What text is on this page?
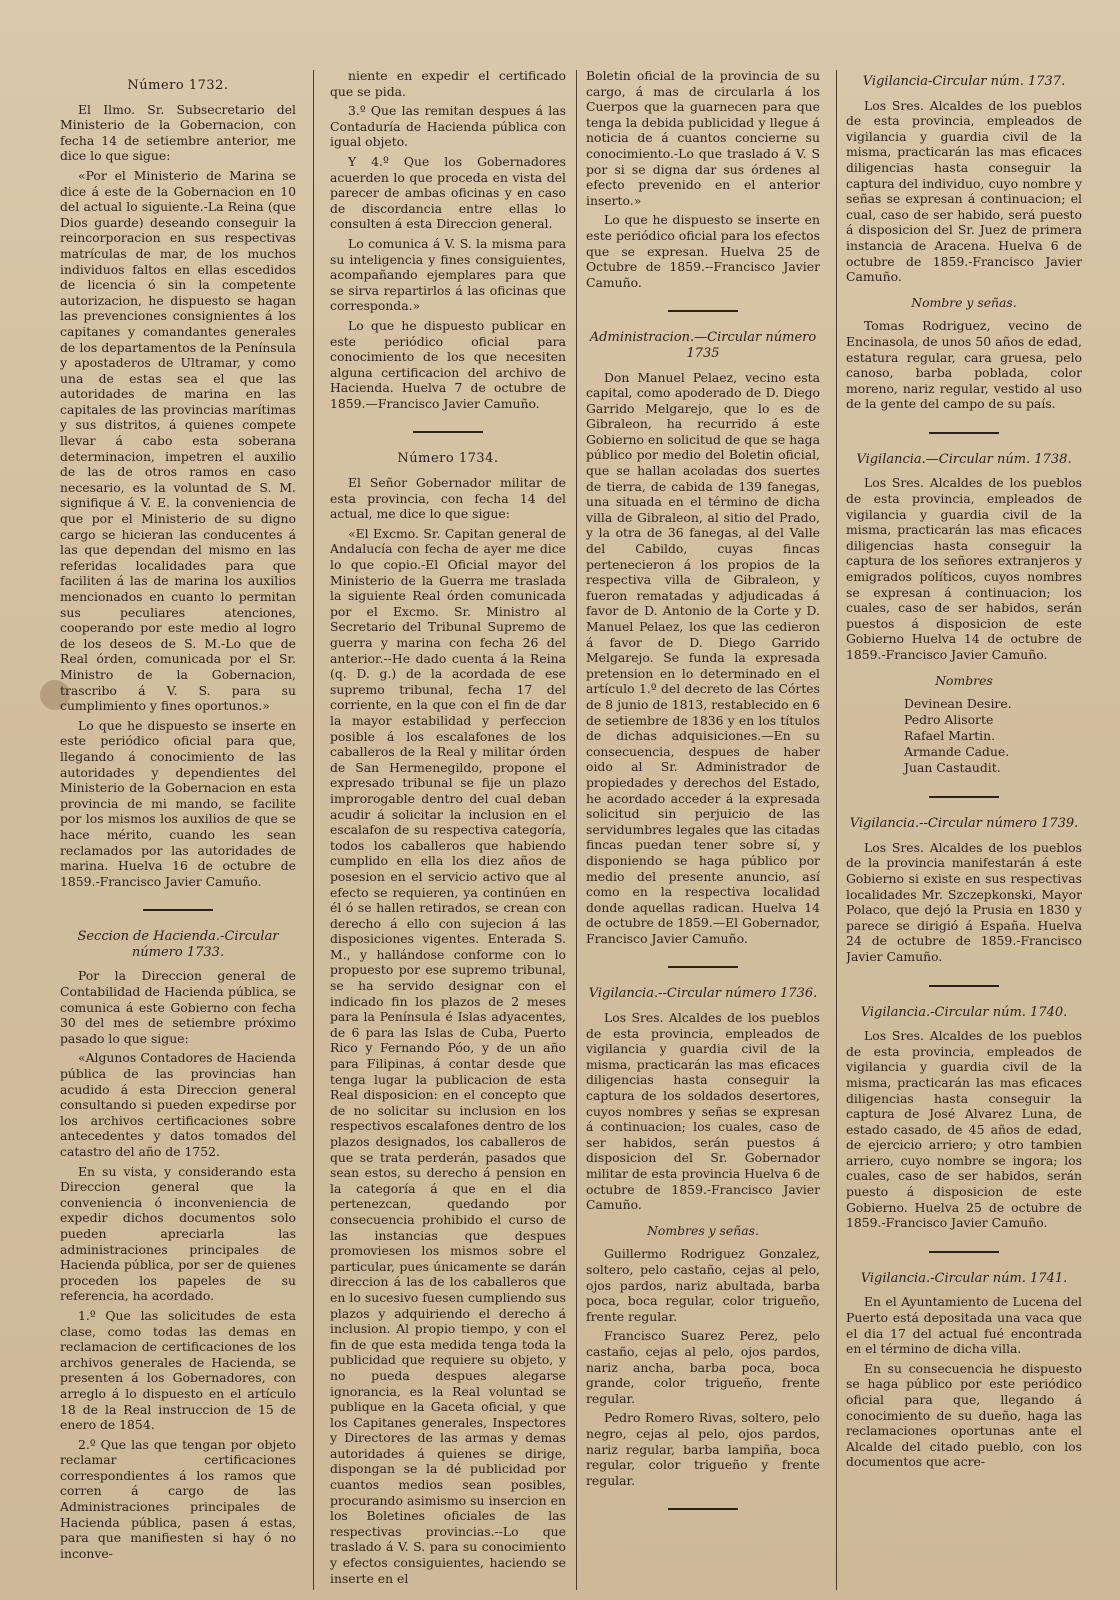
Número 1732.

El Ilmo. Sr. Subsecretario del Ministerio de la Gobernacion, con fecha 14 de setiembre anterior, me dice lo que sigue:

«Por el Ministerio de Marina se dice á este de la Gobernacion en 10 del actual lo siguiente.-La Reina (que Dios guarde) deseando conseguir la reincorporacion en sus respectivas matrículas de mar, de los muchos individuos faltos en ellas escedidos de licencia ó sin la competente autorizacion, he dispuesto se hagan las prevenciones consignientes á los capitanes y comandantes generales de los departamentos de la Península y apostaderos de Ultramar, y como una de estas sea el que las autoridades de marina en las capitales de las provincias marítimas y sus distritos, á quienes compete llevar á cabo esta soberana determinacion, impetren el auxilio de las de otros ramos en caso necesario, es la voluntad de S. M. signifique á V. E. la conveniencia de que por el Ministerio de su digno cargo se hicieran las conducentes á las que dependan del mismo en las referidas localidades para que faciliten á las de marina los auxilios mencionados en cuanto lo permitan sus peculiares atenciones, cooperando por este medio al logro de los deseos de S. M.-Lo que de Real órden, comunicada por el Sr. Ministro de la Gobernacion, trascribo á V. S. para su cumplimiento y fines oportunos.»

Lo que he dispuesto se inserte en este periódico oficial para que, llegando á conocimiento de las autoridades y dependientes del Ministerio de la Gobernacion en esta provincia de mi mando, se facilite por los mismos los auxilios de que se hace mérito, cuando les sean reclamados por las autoridades de marina. Huelva 16 de octubre de 1859.-Francisco Javier Camuño.

Seccion de Hacienda.-Circular número 1733.

Por la Direccion general de Contabilidad de Hacienda pública, se comunica á este Gobierno con fecha 30 del mes de setiembre próximo pasado lo que sigue:

«Algunos Contadores de Hacienda pública de las provincias han acudido á esta Direccion general consultando si pueden expedirse por los archivos certificaciones sobre antecedentes y datos tomados del catastro del año de 1752.

En su vista, y considerando esta Direccion general que la conveniencia ó inconveniencia de expedir dichos documentos solo pueden apreciarla las administraciones principales de Hacienda pública, por ser de quienes proceden los papeles de su referencia, ha acordado.

1.º Que las solicitudes de esta clase, como todas las demas en reclamacion de certificaciones de los archivos generales de Hacienda, se presenten á los Gobernadores, con arreglo á lo dispuesto en el artículo 18 de la Real instruccion de 15 de enero de 1854.

2.º Que las que tengan por objeto reclamar certificaciones correspondientes á los ramos que corren á cargo de las Administraciones principales de Hacienda pública, pasen á estas, para que manifiesten si hay ó no inconve-

niente en expedir el certificado que se pida.

3.º Que las remitan despues á las Contaduría de Hacienda pública con igual objeto.

Y 4.º Que los Gobernadores acuerden lo que proceda en vista del parecer de ambas oficinas y en caso de discordancia entre ellas lo consulten á esta Direccion general.

Lo comunica á V. S. la misma para su inteligencia y fines consiguientes, acompañando ejemplares para que se sirva repartirlos á las oficinas que corresponda.»

Lo que he dispuesto publicar en este periódico oficial para conocimiento de los que necesiten alguna certificacion del archivo de Hacienda. Huelva 7 de octubre de 1859.—Francisco Javier Camuño.

Número 1734.

El Señor Gobernador militar de esta provincia, con fecha 14 del actual, me dice lo que sigue:

«El Excmo. Sr. Capitan general de Andalucía con fecha de ayer me dice lo que copio.-El Oficial mayor del Ministerio de la Guerra me traslada la siguiente Real órden comunicada por el Excmo. Sr. Ministro al Secretario del Tribunal Supremo de guerra y marina con fecha 26 del anterior.--He dado cuenta á la Reina (q. D. g.) de la acordada de ese supremo tribunal, fecha 17 del corriente, en la que con el fin de dar la mayor estabilidad y perfeccion posible á los escalafones de los caballeros de la Real y militar órden de San Hermenegildo, propone el expresado tribunal se fije un plazo improrogable dentro del cual deban acudir á solicitar la inclusion en el escalafon de su respectiva categoría, todos los caballeros que habiendo cumplido en ella los diez años de posesion en el servicio activo que al efecto se requieren, ya continúen en él ó se hallen retirados, se crean con derecho á ello con sujecion á las disposiciones vigentes. Enterada S. M., y hallándose conforme con lo propuesto por ese supremo tribunal, se ha servido designar con el indicado fin los plazos de 2 meses para la Península é Islas adyacentes, de 6 para las Islas de Cuba, Puerto Rico y Fernando Póo, y de un año para Filipinas, á contar desde que tenga lugar la publicacion de esta Real disposicion: en el concepto que de no solicitar su inclusion en los respectivos escalafones dentro de los plazos designados, los caballeros de que se trata perderán, pasados que sean estos, su derecho á pension en la categoría á que en el dia pertenezcan, quedando por consecuencia prohibido el curso de las instancias que despues promoviesen los mismos sobre el particular, pues únicamente se darán direccion á las de los caballeros que en lo sucesivo fuesen cumpliendo sus plazos y adquiriendo el derecho á inclusion. Al propio tiempo, y con el fin de que esta medida tenga toda la publicidad que requiere su objeto, y no pueda despues alegarse ignorancia, es la Real voluntad se publique en la Gaceta oficial, y que los Capitanes generales, Inspectores y Directores de las armas y demas autoridades á quienes se dirige, dispongan se la dé publicidad por cuantos medios sean posibles, procurando asimismo su insercion en los Boletines oficiales de las respectivas provincias.--Lo que traslado á V. S. para su conocimiento y efectos consiguientes, haciendo se inserte en el

Boletin oficial de la provincia de su cargo, á mas de circularla á los Cuerpos que la guarnecen para que tenga la debida publicidad y llegue á noticia de á cuantos concierne su conocimiento.-Lo que traslado á V. S por si se digna dar sus órdenes al efecto prevenido en el anterior inserto.»

Lo que he dispuesto se inserte en este periódico oficial para los efectos que se expresan. Huelva 25 de Octubre de 1859.--Francisco Javier Camuño.

Administracion.—Circular número 1735

Don Manuel Pelaez, vecino esta capital, como apoderado de D. Diego Garrido Melgarejo, que lo es de Gibraleon, ha recurrido á este Gobierno en solicitud de que se haga público por medio del Boletin oficial, que se hallan acoladas dos suertes de tierra, de cabida de 139 fanegas, una situada en el término de dicha villa de Gibraleon, al sitio del Prado, y la otra de 36 fanegas, al del Valle del Cabildo, cuyas fincas pertenecieron á los propios de la respectiva villa de Gibraleon, y fueron rematadas y adjudicadas á favor de D. Antonio de la Corte y D. Manuel Pelaez, los que las cedieron á favor de D. Diego Garrido Melgarejo. Se funda la expresada pretension en lo determinado en el artículo 1.º del decreto de las Córtes de 8 junio de 1813, restablecido en 6 de setiembre de 1836 y en los títulos de dichas adquisiciones.—En su consecuencia, despues de haber oido al Sr. Administrador de propiedades y derechos del Estado, he acordado acceder á la expresada solicitud sin perjuicio de las servidumbres legales que las citadas fincas puedan tener sobre sí, y disponiendo se haga público por medio del presente anuncio, así como en la respectiva localidad donde aquellas radican. Huelva 14 de octubre de 1859.—El Gobernador, Francisco Javier Camuño.

Vigilancia.--Circular número 1736.

Los Sres. Alcaldes de los pueblos de esta provincia, empleados de vigilancia y guardia civil de la misma, practicarán las mas eficaces diligencias hasta conseguir la captura de los soldados desertores, cuyos nombres y señas se expresan á continuacion; los cuales, caso de ser habidos, serán puestos á disposicion del Sr. Gobernador militar de esta provincia Huelva 6 de octubre de 1859.-Francisco Javier Camuño.

Nombres y señas.

Guillermo Rodriguez Gonzalez, soltero, pelo castaño, cejas al pelo, ojos pardos, nariz abultada, barba poca, boca regular, color trigueño, frente regular.

Francisco Suarez Perez, pelo castaño, cejas al pelo, ojos pardos, nariz ancha, barba poca, boca grande, color trigueño, frente regular.

Pedro Romero Rivas, soltero, pelo negro, cejas al pelo, ojos pardos, nariz regular, barba lampiña, boca regular, color trigueño y frente regular.

Vigilancia-Circular núm. 1737.

Los Sres. Alcaldes de los pueblos de esta provincia, empleados de vigilancia y guardia civil de la misma, practicarán las mas eficaces diligencias hasta conseguir la captura del individuo, cuyo nombre y señas se expresan á continuacion; el cual, caso de ser habido, será puesto á disposicion del Sr. Juez de primera instancia de Aracena. Huelva 6 de octubre de 1859.-Francisco Javier Camuño.

Nombre y señas.

Tomas Rodriguez, vecino de Encinasola, de unos 50 años de edad, estatura regular, cara gruesa, pelo canoso, barba poblada, color moreno, nariz regular, vestido al uso de la gente del campo de su país.

Vigilancia.—Circular núm. 1738.

Los Sres. Alcaldes de los pueblos de esta provincia, empleados de vigilancia y guardia civil de la misma, practicarán las mas eficaces diligencias hasta conseguir la captura de los señores extranjeros y emigrados políticos, cuyos nombres se expresan á continuacion; los cuales, caso de ser habidos, serán puestos á disposicion de este Gobierno Huelva 14 de octubre de 1859.-Francisco Javier Camuño.

Nombres
Devinean Desire.
Pedro Alisorte
Rafael Martin.
Armande Cadue.
Juan Castaudit.
Vigilancia.--Circular número 1739.

Los Sres. Alcaldes de los pueblos de la provincia manifestarán á este Gobierno si existe en sus respectivas localidades Mr. Szczepkonski, Mayor Polaco, que dejó la Prusia en 1830 y parece se dirigió á España. Huelva 24 de octubre de 1859.-Francisco Javier Camuño.

Vigilancia.-Circular núm. 1740.

Los Sres. Alcaldes de los pueblos de esta provincia, empleados de vigilancia y guardia civil de la misma, practicarán las mas eficaces diligencias hasta conseguir la captura de José Alvarez Luna, de estado casado, de 45 años de edad, de ejercicio arriero; y otro tambien arriero, cuyo nombre se ingora; los cuales, caso de ser habidos, serán puesto á disposicion de este Gobierno. Huelva 25 de octubre de 1859.-Francisco Javier Camuño.

Vigilancia.-Circular núm. 1741.

En el Ayuntamiento de Lucena del Puerto está depositada una vaca que el dia 17 del actual fué encontrada en el término de dicha villa.

En su consecuencia he dispuesto se haga público por este periódico oficial para que, llegando á conocimiento de su dueño, haga las reclamaciones oportunas ante el Alcalde del citado pueblo, con los documentos que acre-
